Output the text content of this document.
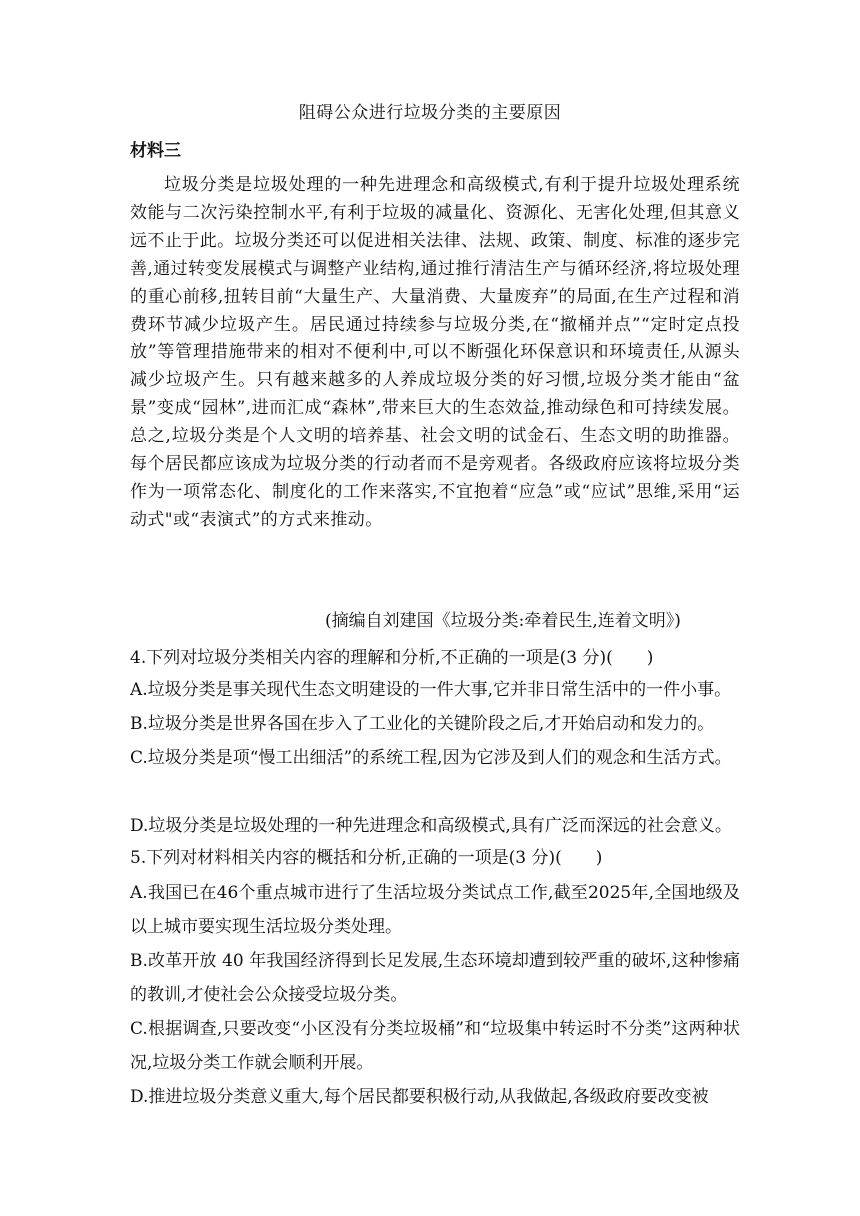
阻碍公众进行垃圾分类的主要原因
材料三

垃圾分类是垃圾处理的一种先进理念和高级模式,有利于提升垃圾处理系统效能与二次污染控制水平,有利于垃圾的减量化、资源化、无害化处理,但其意义远不止于此。垃圾分类还可以促进相关法律、法规、政策、制度、标准的逐步完善,通过转变发展模式与调整产业结构,通过推行清洁生产与循环经济,将垃圾处理的重心前移,扭转目前“大量生产、大量消费、大量废弃”的局面,在生产过程和消费环节减少垃圾产生。居民通过持续参与垃圾分类,在“撤桶并点”“定时定点投放”等管理措施带来的相对不便利中,可以不断强化环保意识和环境责任,从源头减少垃圾产生。只有越来越多的人养成垃圾分类的好习惯,垃圾分类才能由“盆景”变成“园林”,进而汇成“森林”,带来巨大的生态效益,推动绿色和可持续发展。总之,垃圾分类是个人文明的培养基、社会文明的试金石、生态文明的助推器。每个居民都应该成为垃圾分类的行动者而不是旁观者。各级政府应该将垃圾分类作为一项常态化、制度化的工作来落实,不宜抱着“应急”或“应试”思维,采用“运动式"或“表演式”的方式来推动。

(摘编自刘建国《垃圾分类:牵着民生,连着文明》)

4.下列对垃圾分类相关内容的理解和分析,不正确的一项是(3 分)(　　)

A.垃圾分类是事关现代生态文明建设的一件大事,它并非日常生活中的一件小事。

B.垃圾分类是世界各国在步入了工业化的关键阶段之后,才开始启动和发力的。

C.垃圾分类是项“慢工出细活”的系统工程,因为它涉及到人们的观念和生活方式。

D.垃圾分类是垃圾处理的一种先进理念和高级模式,具有广泛而深远的社会意义。

5.下列对材料相关内容的概括和分析,正确的一项是(3 分)(　　)

A.我国已在46个重点城市进行了生活垃圾分类试点工作,截至2025年,全国地级及以上城市要实现生活垃圾分类处理。

B.改革开放 40 年我国经济得到长足发展,生态环境却遭到较严重的破坏,这种惨痛的教训,才使社会公众接受垃圾分类。

C.根据调查,只要改变“小区没有分类垃圾桶”和“垃圾集中转运时不分类”这两种状况,垃圾分类工作就会顺利开展。

D.推进垃圾分类意义重大,每个居民都要积极行动,从我做起,各级政府要改变被
